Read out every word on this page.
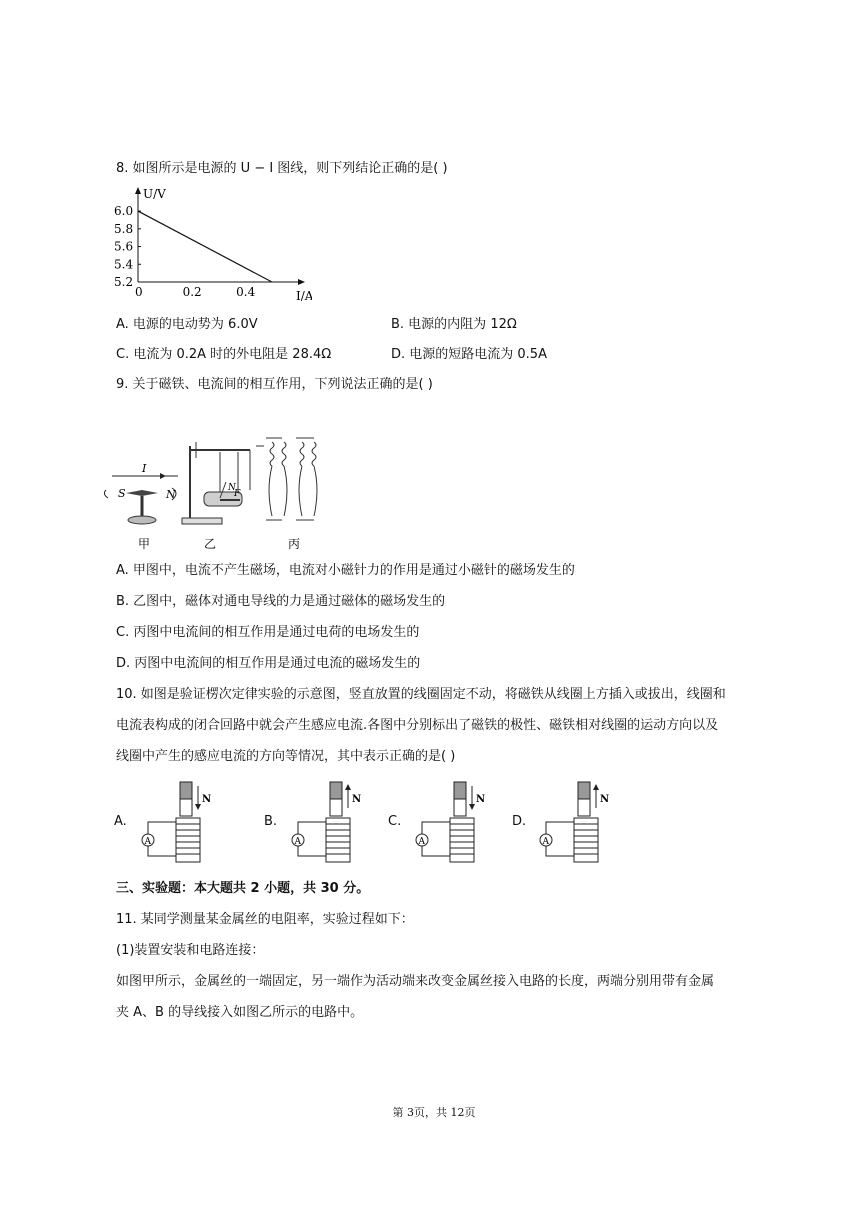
8. 如图所示是电源的 U − I 图线，则下列结论正确的是( )
U/V
I/A
6.0
5.8
5.6
5.4
5.2
0	0.2	0.4
A. 电源的电动势为 6.0V	B. 电源的内阻为 12Ω
C. 电流为 0.2A 时的外电阻是 28.4Ω	D. 电源的短路电流为 0.5A
9. 关于磁铁、电流间的相互作用，下列说法正确的是( )
I
S	N
甲
N
F
乙	丙
A. 甲图中，电流不产生磁场，电流对小磁针力的作用是通过小磁针的磁场发生的
B. 乙图中，磁体对通电导线的力是通过磁体的磁场发生的
C. 丙图中电流间的相互作用是通过电荷的电场发生的
D. 丙图中电流间的相互作用是通过电流的磁场发生的
10. 如图是验证楞次定律实验的示意图，竖直放置的线圈固定不动，将磁铁从线圈上方插入或拔出，线圈和
电流表构成的闭合回路中就会产生感应电流.各图中分别标出了磁铁的极性、磁铁相对线圈的运动方向以及
线圈中产生的感应电流的方向等情况，其中表示正确的是( )
A.
N
A
B.
N
A
C.
N
A
D.
N
A
三、实验题：本大题共 2 小题，共 30 分。
11. 某同学测量某金属丝的电阻率，实验过程如下：
(1)装置安装和电路连接：
如图甲所示，金属丝的一端固定，另一端作为活动端来改变金属丝接入电路的长度，两端分别用带有金属
夹 A、B 的导线接入如图乙所示的电路中。
第 3页，共 12页
